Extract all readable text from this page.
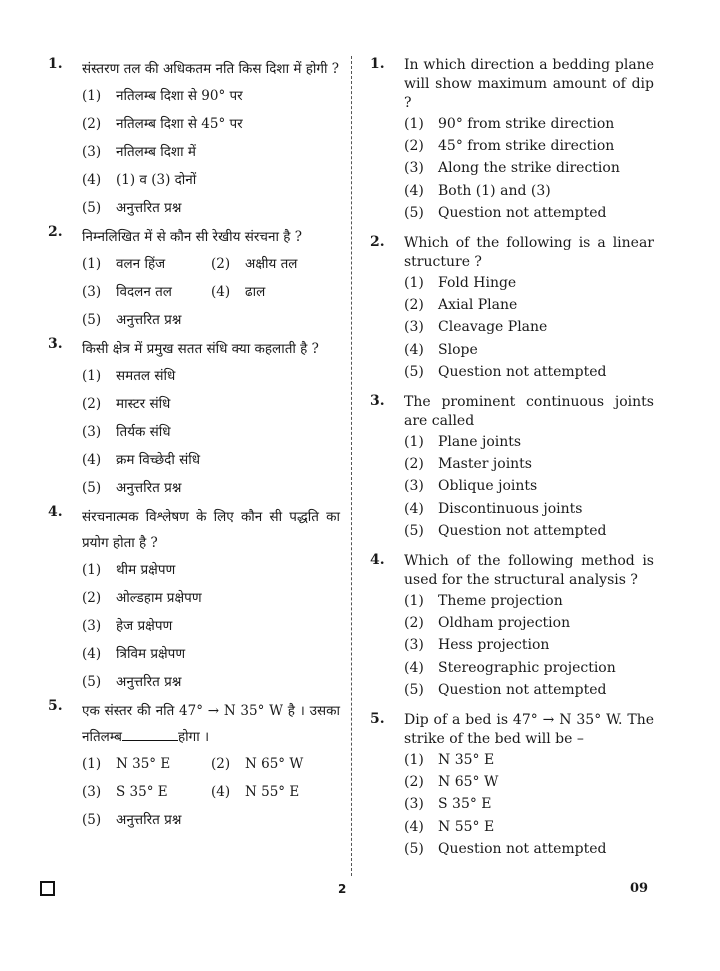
1.	संस्तरण तल की अधिकतम नति किस दिशा में होगी ?
(1)	नतिलम्ब दिशा से 90° पर
(2)	नतिलम्ब दिशा से 45° पर
(3)	नतिलम्ब दिशा में
(4)	(1) व (3) दोनों
(5)	अनुत्तरित प्रश्न
2.	निम्नलिखित में से कौन सी रेखीय संरचना है ?
(1)	वलन हिंज	(2)	अक्षीय तल
(3)	विदलन तल	(4)	ढाल
(5)	अनुत्तरित प्रश्न
3.	किसी क्षेत्र में प्रमुख सतत संधि क्या कहलाती है ?
(1)	समतल संधि
(2)	मास्टर संधि
(3)	तिर्यक संधि
(4)	क्रम विच्छेदी संधि
(5)	अनुत्तरित प्रश्न
4.	संरचनात्मक विश्लेषण के लिए कौन सी पद्धति का प्रयोग होता है ?
(1)	थीम प्रक्षेपण
(2)	ओल्डहाम प्रक्षेपण
(3)	हेज प्रक्षेपण
(4)	त्रिविम प्रक्षेपण
(5)	अनुत्तरित प्रश्न
5.	एक संस्तर की नति 47° → N 35° W है । उसका नतिलम्ब	होगा ।
(1)	N 35° E	(2)	N 65° W
(3)	S 35° E	(4)	N 55° E
(5)	अनुत्तरित प्रश्न
1.	In which direction a bedding plane will show maximum amount of dip ?
(1)	90° from strike direction
(2)	45° from strike direction
(3)	Along the strike direction
(4)	Both (1) and (3)
(5)	Question not attempted
2.	Which of the following is a linear structure ?
(1)	Fold Hinge
(2)	Axial Plane
(3)	Cleavage Plane
(4)	Slope
(5)	Question not attempted
3.	The prominent continuous joints are called
(1)	Plane joints
(2)	Master joints
(3)	Oblique joints
(4)	Discontinuous joints
(5)	Question not attempted
4.	Which of the following method is used for the structural analysis ?
(1)	Theme projection
(2)	Oldham projection
(3)	Hess projection
(4)	Stereographic projection
(5)	Question not attempted
5.	Dip of a bed is 47° → N 35° W. The strike of the bed will be –
(1)	N 35° E
(2)	N 65° W
(3)	S 35° E
(4)	N 55° E
(5)	Question not attempted
2	09
